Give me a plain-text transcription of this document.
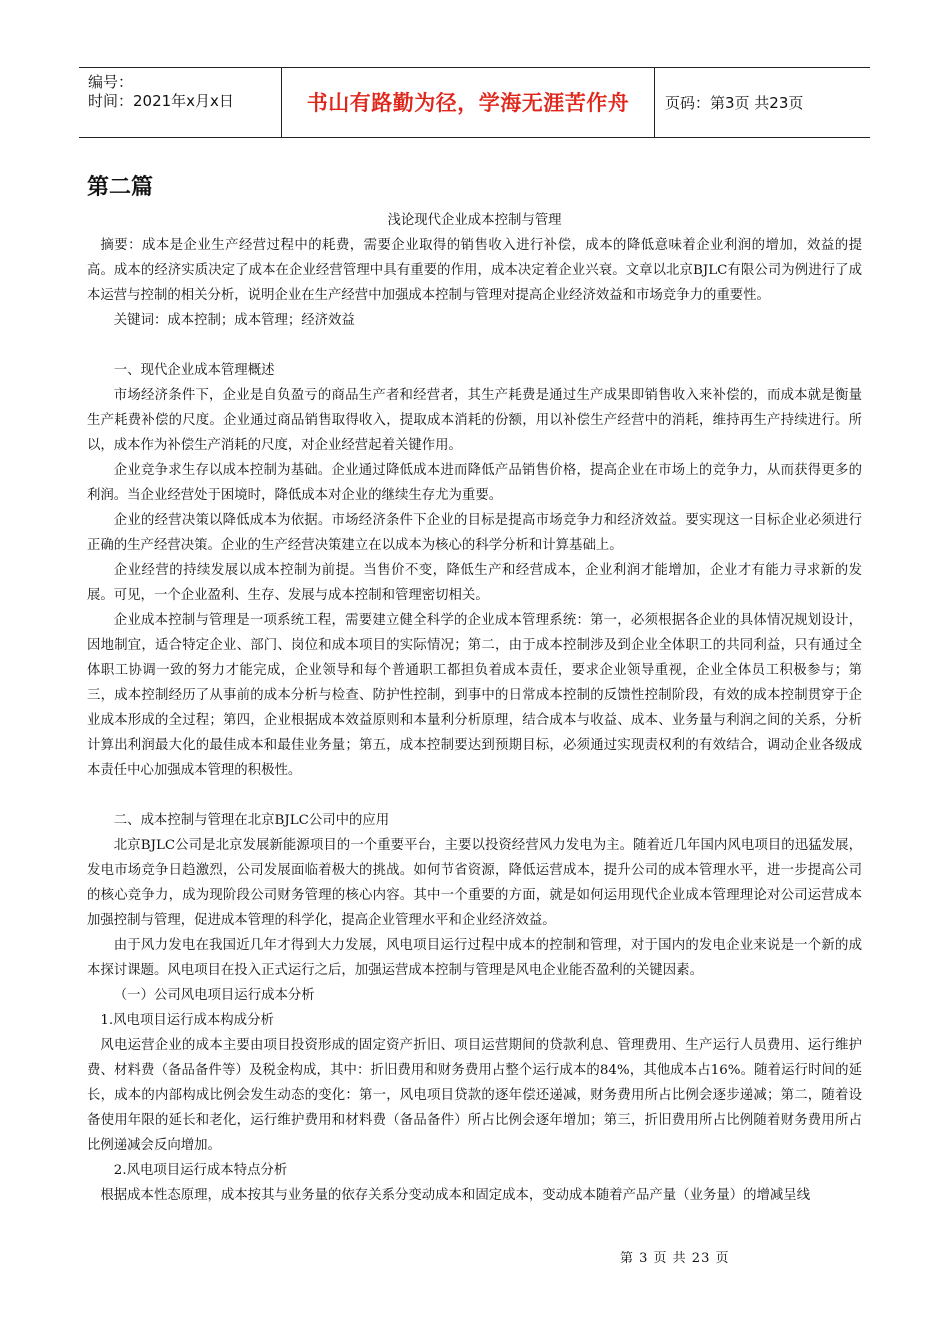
编号：
时间：2021年x月x日	书山有路勤为径，学海无涯苦作舟 页码：第3页 共23页
第二篇

浅论现代企业成本控制与管理

摘要：成本是企业生产经营过程中的耗费，需要企业取得的销售收入进行补偿，成本的降低意味着企业利润的增加，效益的提高。成本的经济实质决定了成本在企业经营管理中具有重要的作用，成本决定着企业兴衰。文章以北京BJLC有限公司为例进行了成本运营与控制的相关分析，说明企业在生产经营中加强成本控制与管理对提高企业经济效益和市场竞争力的重要性。

关键词：成本控制；成本管理；经济效益

一、现代企业成本管理概述

市场经济条件下，企业是自负盈亏的商品生产者和经营者，其生产耗费是通过生产成果即销售收入来补偿的，而成本就是衡量生产耗费补偿的尺度。企业通过商品销售取得收入，提取成本消耗的份额，用以补偿生产经营中的消耗，维持再生产持续进行。所以，成本作为补偿生产消耗的尺度，对企业经营起着关键作用。

企业竞争求生存以成本控制为基础。企业通过降低成本进而降低产品销售价格，提高企业在市场上的竞争力，从而获得更多的利润。当企业经营处于困境时，降低成本对企业的继续生存尤为重要。

企业的经营决策以降低成本为依据。市场经济条件下企业的目标是提高市场竞争力和经济效益。要实现这一目标企业必须进行正确的生产经营决策。企业的生产经营决策建立在以成本为核心的科学分析和计算基础上。

企业经营的持续发展以成本控制为前提。当售价不变，降低生产和经营成本，企业利润才能增加，企业才有能力寻求新的发展。可见，一个企业盈利、生存、发展与成本控制和管理密切相关。

企业成本控制与管理是一项系统工程，需要建立健全科学的企业成本管理系统：第一，必须根据各企业的具体情况规划设计，因地制宜，适合特定企业、部门、岗位和成本项目的实际情况；第二，由于成本控制涉及到企业全体职工的共同利益，只有通过全体职工协调一致的努力才能完成，企业领导和每个普通职工都担负着成本责任，要求企业领导重视，企业全体员工积极参与；第三，成本控制经历了从事前的成本分析与检查、防护性控制，到事中的日常成本控制的反馈性控制阶段，有效的成本控制贯穿于企业成本形成的全过程；第四，企业根据成本效益原则和本量利分析原理，结合成本与收益、成本、业务量与利润之间的关系，分析计算出利润最大化的最佳成本和最佳业务量；第五，成本控制要达到预期目标，必须通过实现责权利的有效结合，调动企业各级成本责任中心加强成本管理的积极性。

二、成本控制与管理在北京BJLC公司中的应用

北京BJLC公司是北京发展新能源项目的一个重要平台，主要以投资经营风力发电为主。随着近几年国内风电项目的迅猛发展，发电市场竞争日趋激烈，公司发展面临着极大的挑战。如何节省资源，降低运营成本，提升公司的成本管理水平，进一步提高公司的核心竞争力，成为现阶段公司财务管理的核心内容。其中一个重要的方面，就是如何运用现代企业成本管理理论对公司运营成本加强控制与管理，促进成本管理的科学化，提高企业管理水平和企业经济效益。

由于风力发电在我国近几年才得到大力发展，风电项目运行过程中成本的控制和管理，对于国内的发电企业来说是一个新的成本探讨课题。风电项目在投入正式运行之后，加强运营成本控制与管理是风电企业能否盈利的关键因素。

（一）公司风电项目运行成本分析

1.风电项目运行成本构成分析

风电运营企业的成本主要由项目投资形成的固定资产折旧、项目运营期间的贷款利息、管理费用、生产运行人员费用、运行维护费、材料费（备品备件等）及税金构成，其中：折旧费用和财务费用占整个运行成本的84%，其他成本占16%。随着运行时间的延长，成本的内部构成比例会发生动态的变化：第一，风电项目贷款的逐年偿还递减，财务费用所占比例会逐步递减；第二，随着设备使用年限的延长和老化，运行维护费用和材料费（备品备件）所占比例会逐年增加；第三，折旧费用所占比例随着财务费用所占比例递减会反向增加。

2.风电项目运行成本特点分析

根据成本性态原理，成本按其与业务量的依存关系分变动成本和固定成本，变动成本随着产品产量（业务量）的增减呈线

第 3 页 共 23 页
